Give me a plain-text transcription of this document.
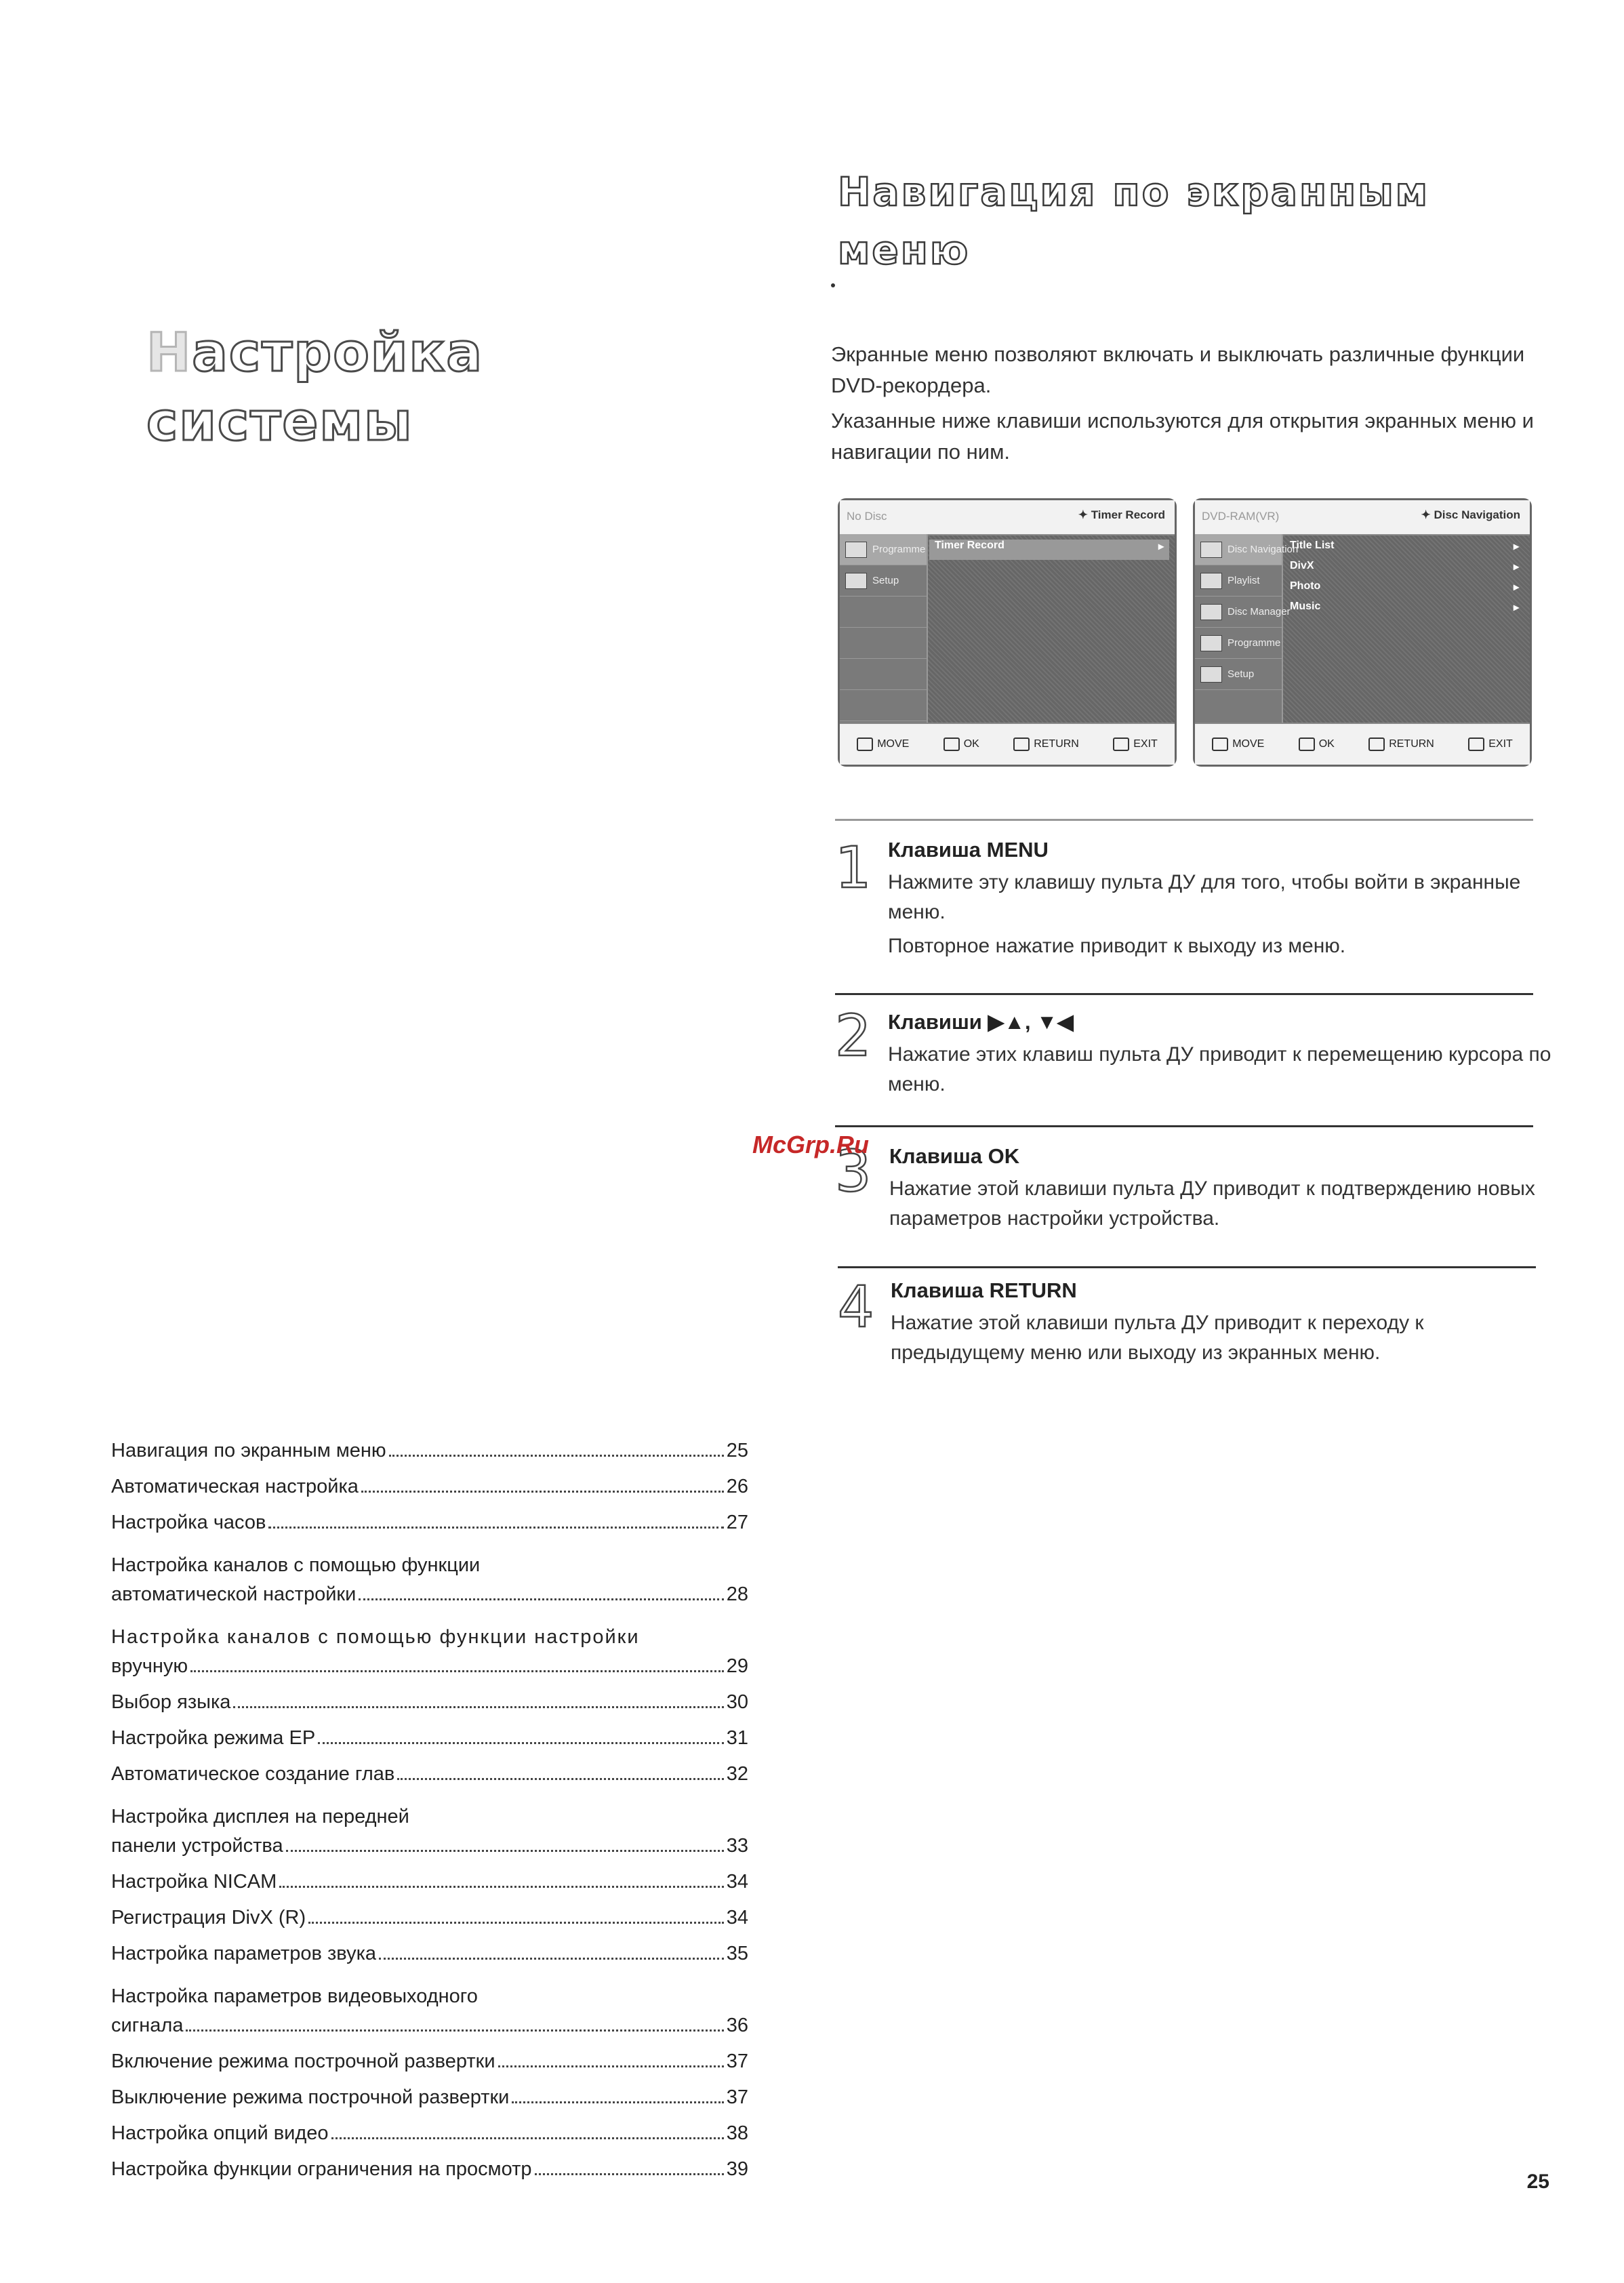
Настройка
системы
Навигация по экранным
меню
Экранные меню позволяют включать и выключать различные функции DVD-рекордера.
Указанные ниже клавиши используются для открытия экранных меню и навигации по ним.
No Disc	✦ Timer Record
Programme
Setup
Timer Record	▸
MOVE	OK	RETURN	EXIT
DVD-RAM(VR)	✦ Disc Navigation
Disc Navigation
Playlist
Disc Manager
Programme
Setup
Title List	▸
DivX	▸
Photo	▸
Music	▸
MOVE	OK	RETURN	EXIT
1 Клавиша MENU

Нажмите эту клавишу пульта ДУ для того, чтобы войти в экранные меню.

Повторное нажатие приводит к выходу из меню.

2 Клавиши ▶▲, ▼◀

Нажатие этих клавиш пульта ДУ приводит к перемещению курсора по меню.

3 Клавиша OK

Нажатие этой клавиши пульта ДУ приводит к подтверждению новых параметров настройки устройства.

4 Клавиша RETURN

Нажатие этой клавиши пульта ДУ приводит к переходу к предыдущему меню или выходу из экранных меню.

McGrp.Ru
Навигация по экранным меню	25
Автоматическая настройка	26
Настройка часов	27
Настройка каналов с помощью функции
автоматической настройки	28
Настройка каналов с помощью функции настройки
вручную	29
Выбор языка	30
Настройка режима EP	31
Автоматическое создание глав	32
Настройка дисплея на передней
панели устройства	33
Настройка NICAM	34
Регистрация DivX (R)	34
Настройка параметров звука	35
Настройка параметров видеовыходного
сигнала	36
Включение режима построчной развертки	37
Выключение режима построчной развертки	37
Настройка опций видео	38
Настройка функции ограничения на просмотр	39
25
